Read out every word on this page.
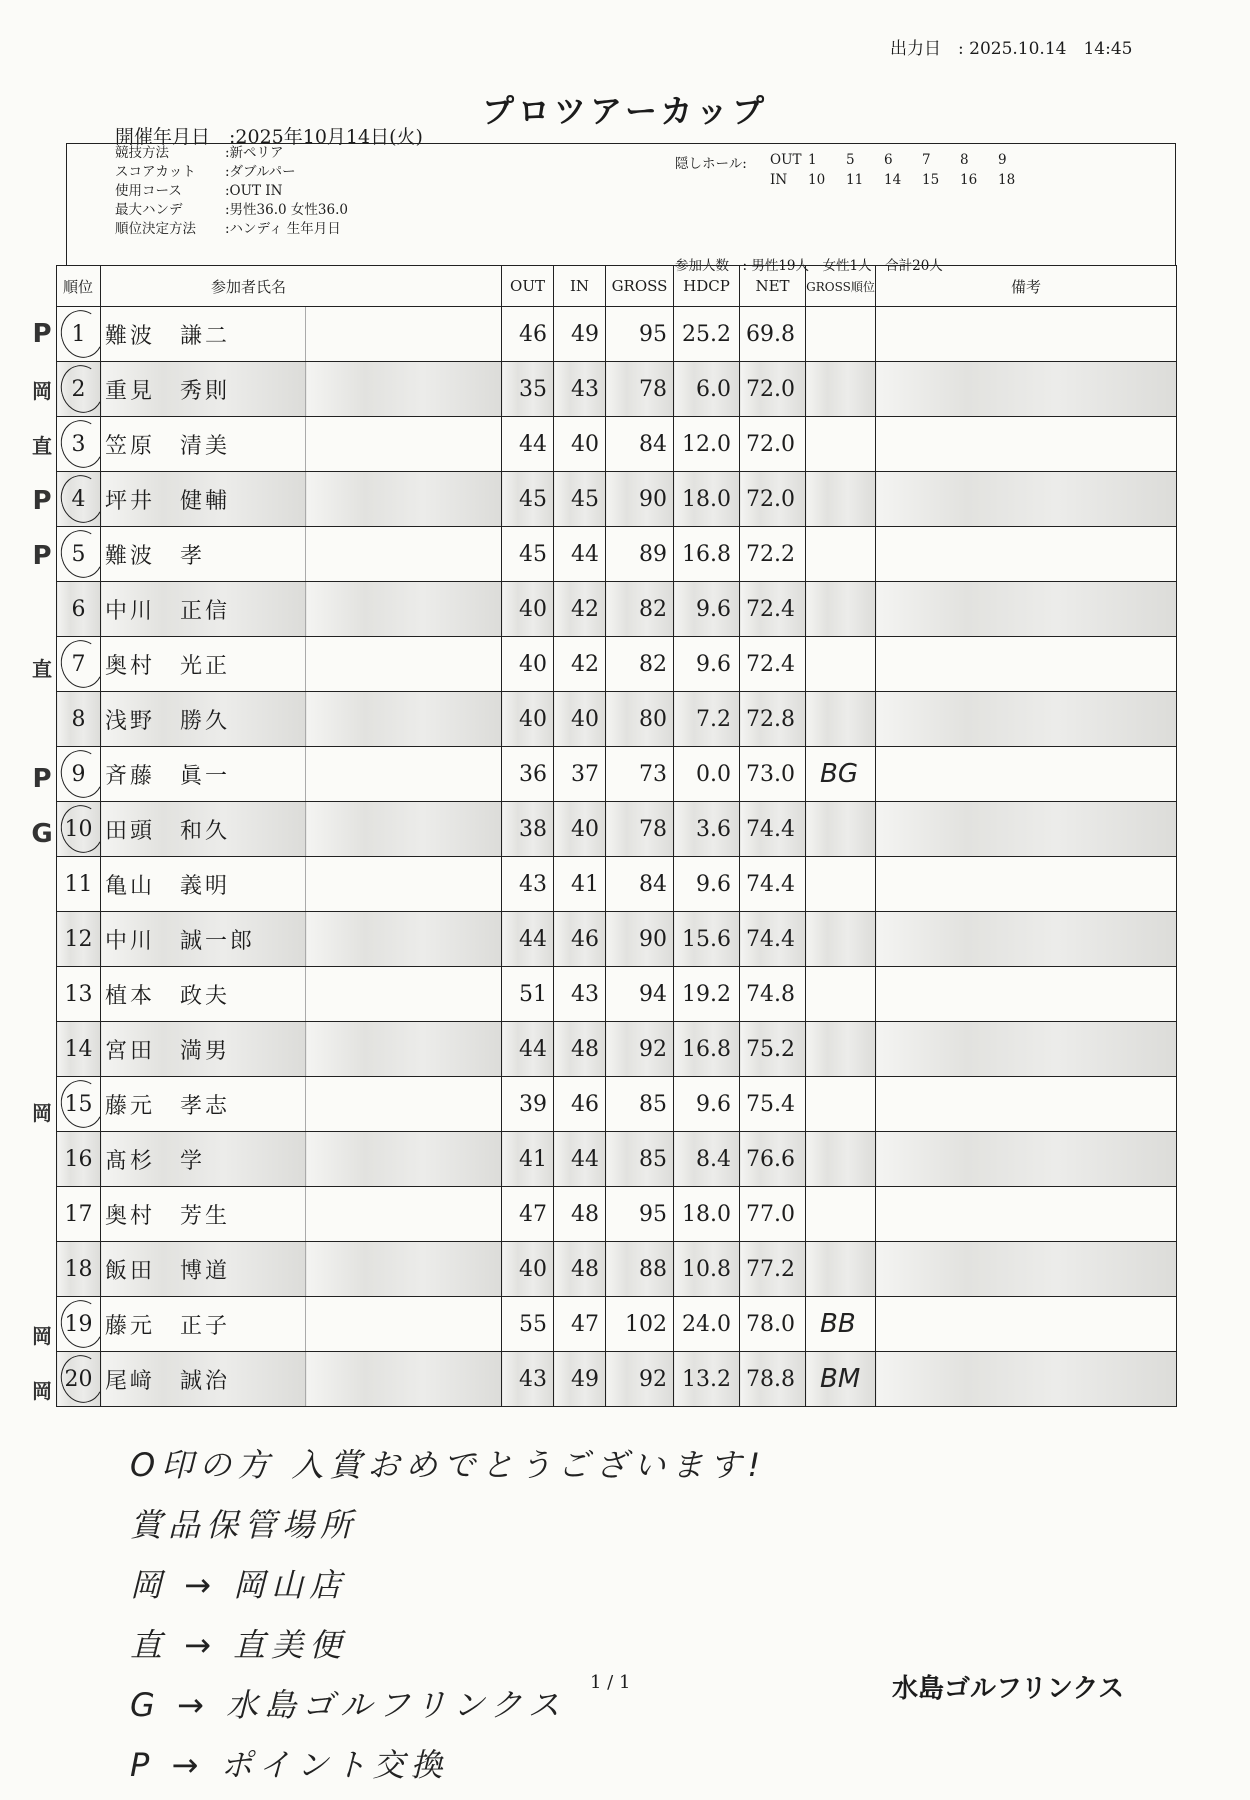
出力日　: 2025.10.14　14:45
プロツアーカップ
開催年月日　:2025年10月14日(火)
競技方法	:新ペリア
スコアカット :ダブルパー
使用コース	:OUT IN
最大ハンデ	:男性36.0 女性36.0
順位決定方法 :ハンディ 生年月日
隠しホール: OUT 1 5 6 7 8 9
IN 10 11 14 15 16 18
参加人数　: 男性19人　女性1人　合計20人
P
岡
直
P
P
直
P
G
岡
岡
岡
順位	参加者氏名		OUT	IN	GROSS	HDCP	NET	GROSS順位	備考

1	難波　謙二		46	49	95	25.2	69.8		

2	重見　秀則		35	43	78	6.0	72.0		

3	笠原　清美		44	40	84	12.0	72.0		

4	坪井　健輔		45	45	90	18.0	72.0		

5	難波　孝		45	44	89	16.8	72.2		
6	中川　正信		40	42	82	9.6	72.4		

7	奥村　光正		40	42	82	9.6	72.4		
8	浅野　勝久		40	40	80	7.2	72.8		

9	斉藤　眞一		36	37	73	0.0	73.0	BG	

10	田頭　和久		38	40	78	3.6	74.4		
11	亀山　義明		43	41	84	9.6	74.4		
12	中川　誠一郎		44	46	90	15.6	74.4		
13	植本　政夫		51	43	94	19.2	74.8		
14	宮田　満男		44	48	92	16.8	75.2		

15	藤元　孝志		39	46	85	9.6	75.4		
16	髙杉　学		41	44	85	8.4	76.6		
17	奥村　芳生		47	48	95	18.0	77.0		
18	飯田　博道		40	48	88	10.8	77.2		

19	藤元　正子		55	47	102	24.0	78.0	BB	

20	尾﨑　誠治		43	49	92	13.2	78.8	BM	
O印の方 入賞おめでとうございます!
賞品保管場所
岡 → 岡山店
直 → 直美便
G → 水島ゴルフリンクス
P → ポイント交換
1 / 1	水島ゴルフリンクス
